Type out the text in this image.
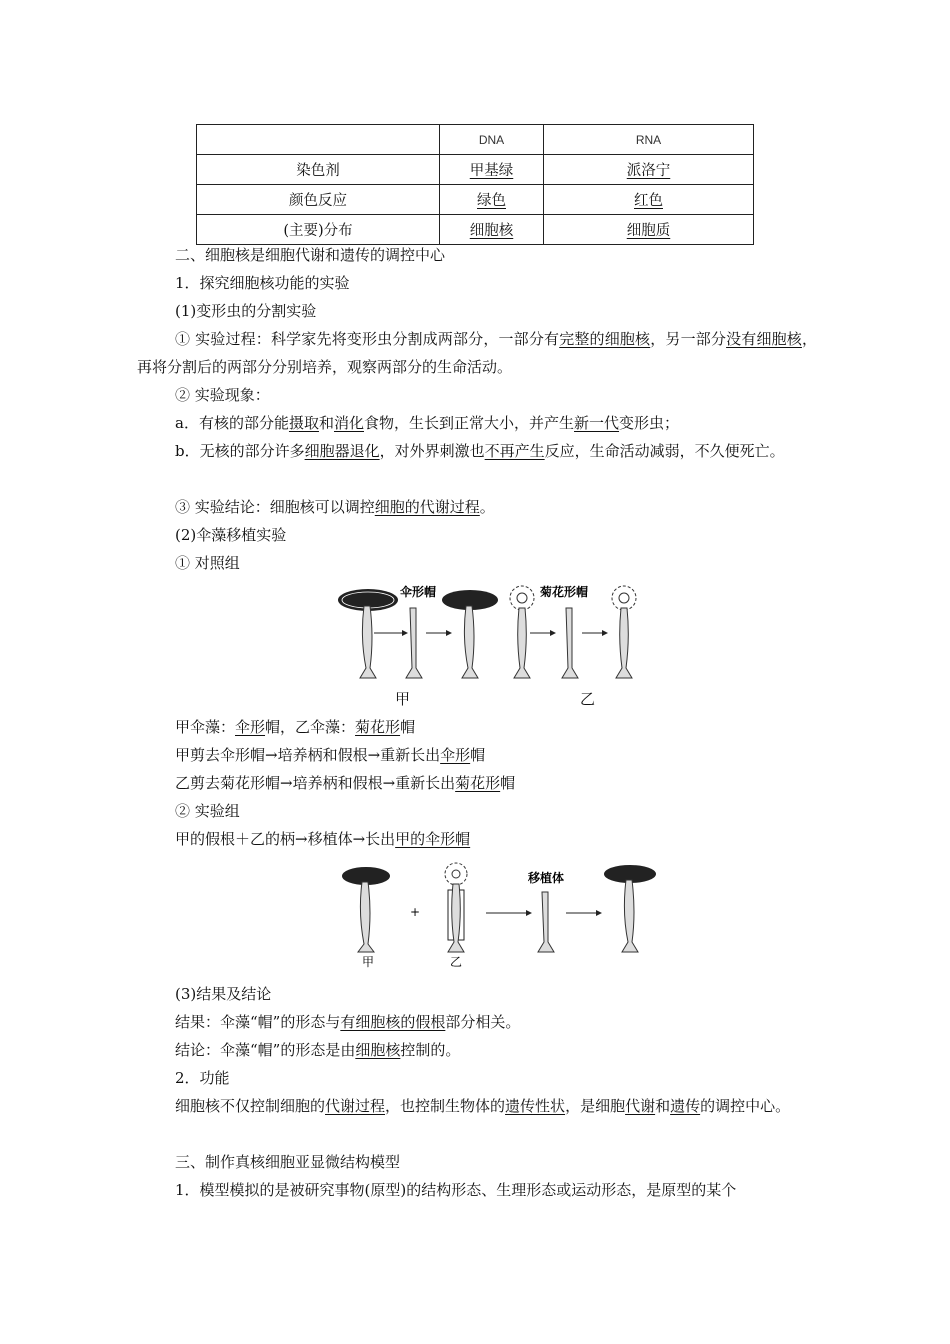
	DNA	RNA
染色剂	甲基绿	派洛宁
颜色反应	绿色	红色
(主要)分布	细胞核	细胞质
二、细胞核是细胞代谢和遗传的调控中心
1．探究细胞核功能的实验
(1)变形虫的分割实验
① 实验过程：科学家先将变形虫分割成两部分，一部分有完整的细胞核，另一部分没有细胞核，再将分割后的两部分分别培养，观察两部分的生命活动。
② 实验现象：
a．有核的部分能摄取和消化食物，生长到正常大小，并产生新一代变形虫；
b．无核的部分许多细胞器退化，对外界刺激也不再产生反应，生命活动减弱，不久便死亡。
③ 实验结论：细胞核可以调控细胞的代谢过程。
(2)伞藻移植实验
① 对照组
伞形帽	菊花形帽
甲	乙
甲伞藻：伞形帽，乙伞藻：菊花形帽
甲剪去伞形帽→培养柄和假根→重新长出伞形帽
乙剪去菊花形帽→培养柄和假根→重新长出菊花形帽
② 实验组
甲的假根＋乙的柄→移植体→长出甲的伞形帽
+
移植体
甲	乙
(3)结果及结论
结果：伞藻“帽”的形态与有细胞核的假根部分相关。
结论：伞藻“帽”的形态是由细胞核控制的。
2．功能
细胞核不仅控制细胞的代谢过程，也控制生物体的遗传性状，是细胞代谢和遗传的调控中心。
三、制作真核细胞亚显微结构模型
1．模型模拟的是被研究事物(原型)的结构形态、生理形态或运动形态，是原型的某个
